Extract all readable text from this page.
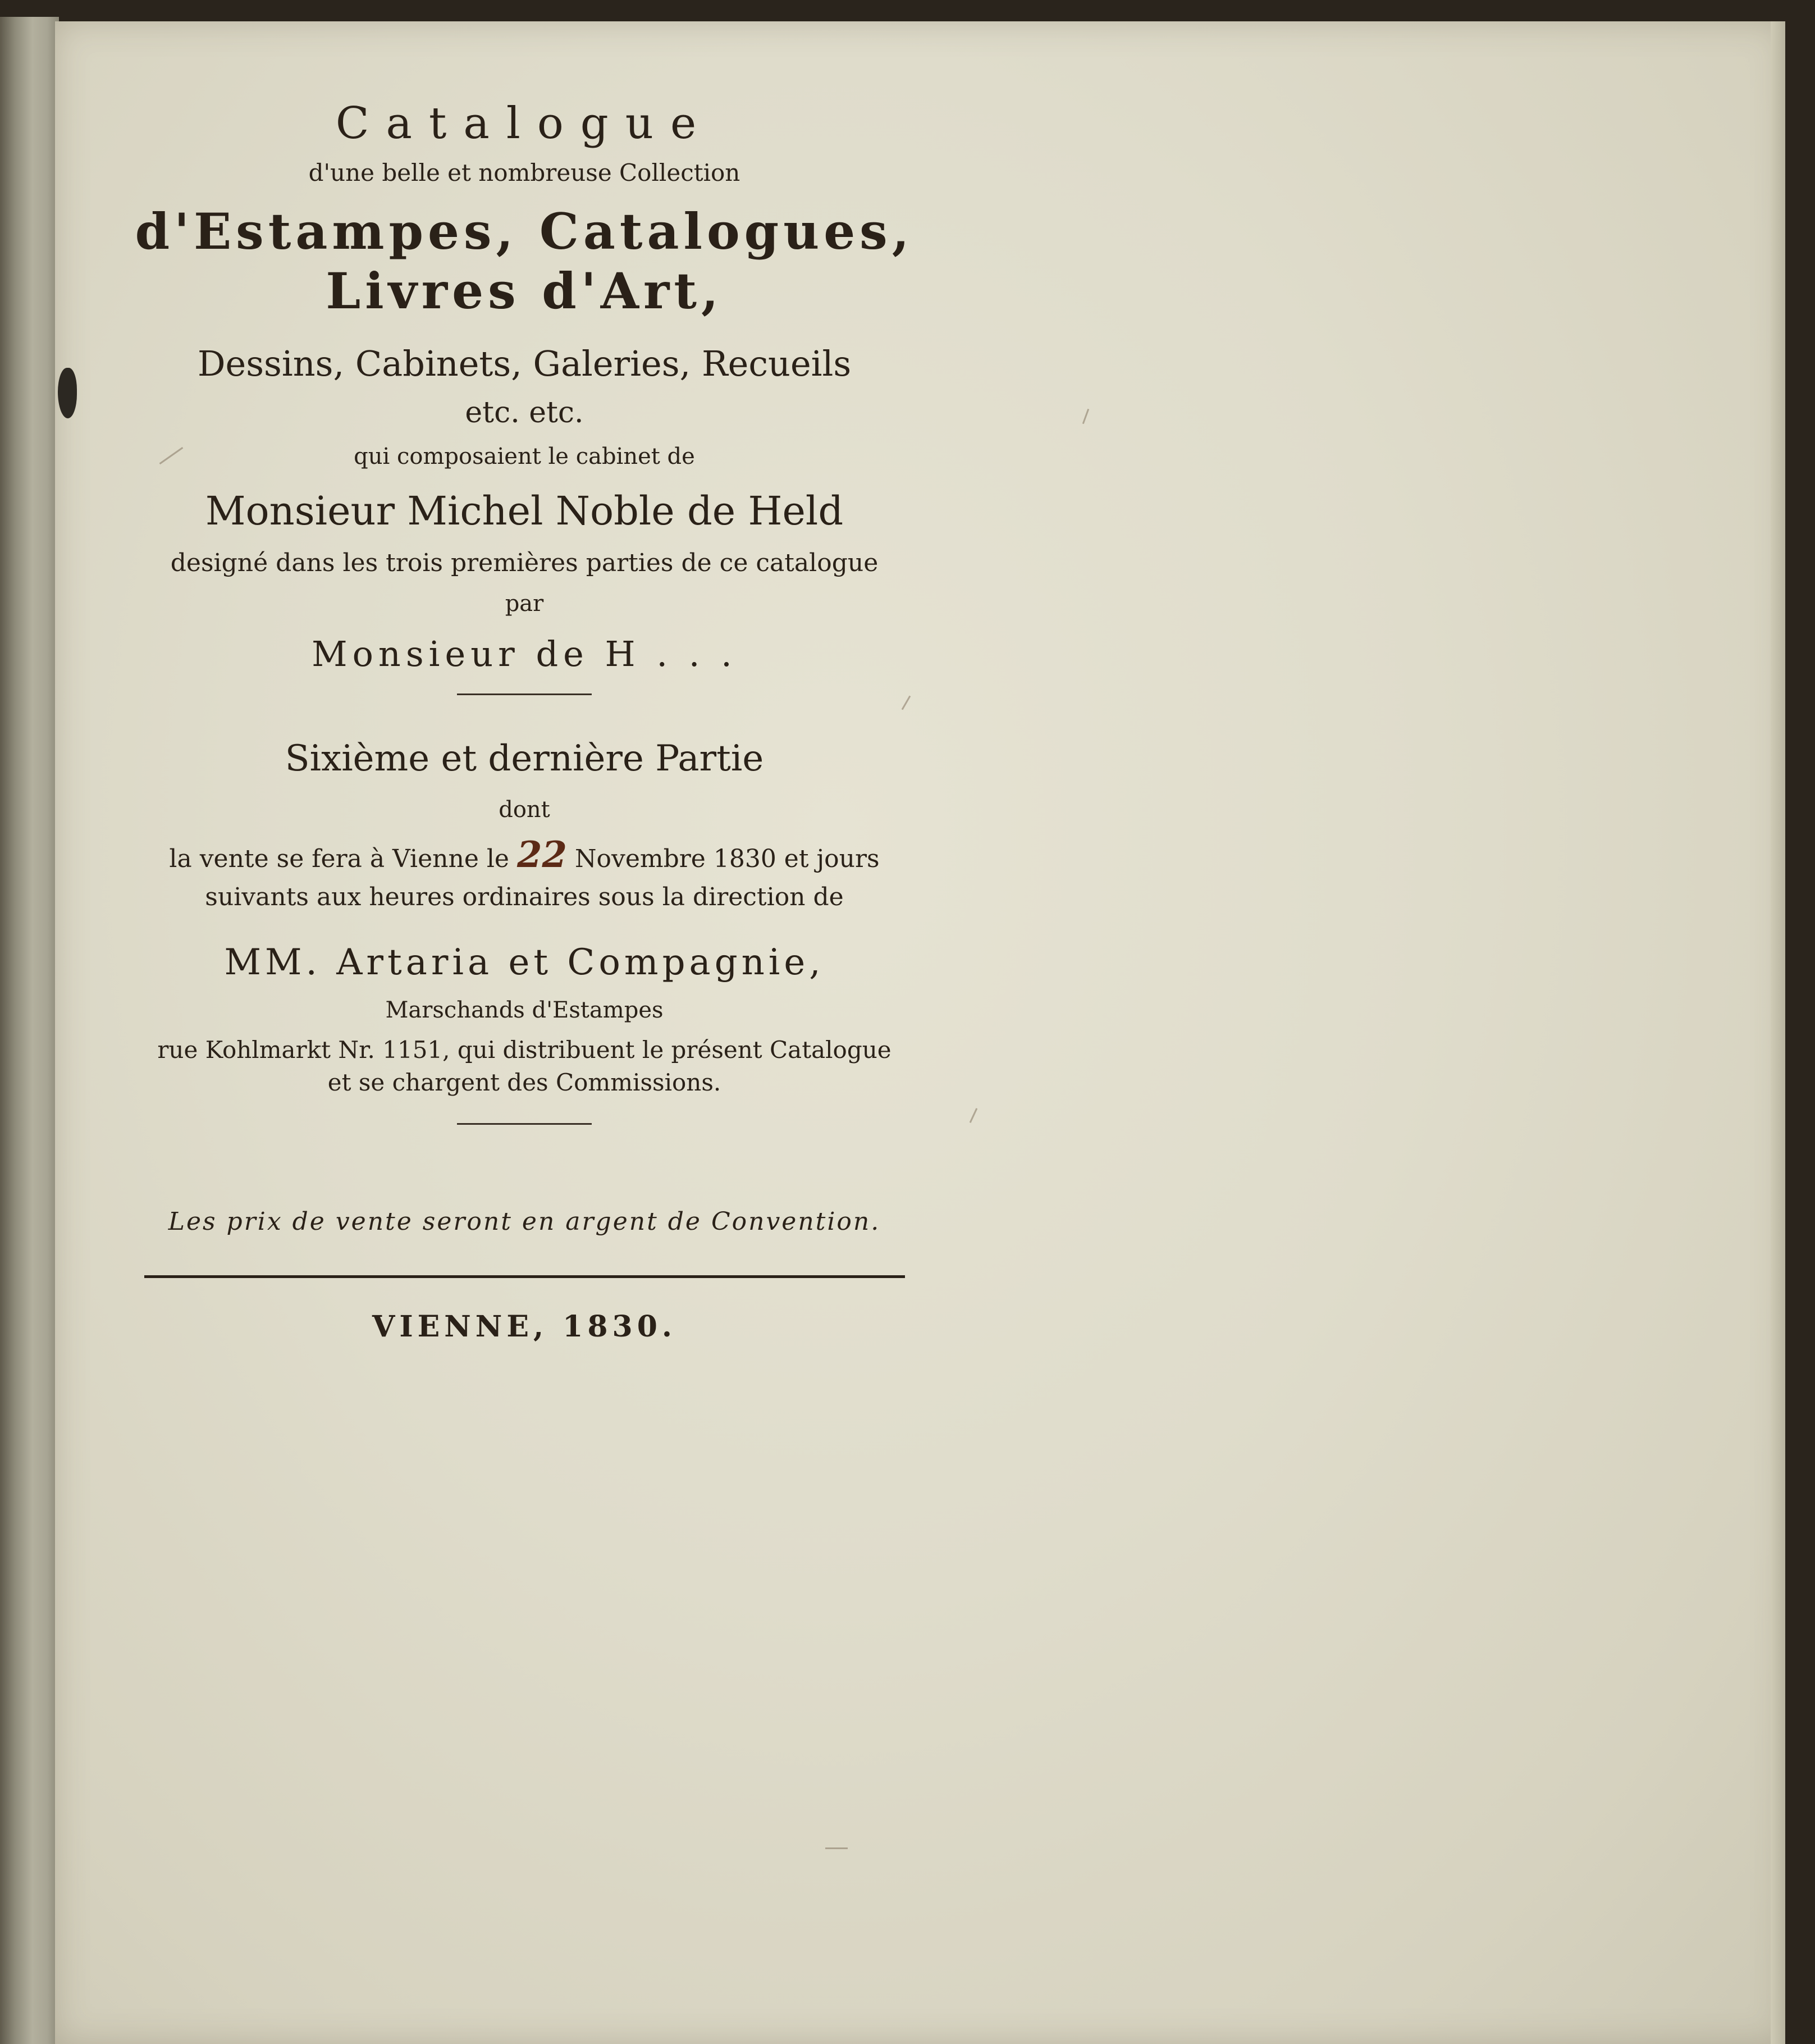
Catalogue
d'une belle et nombreuse Collection
d'Estampes, Catalogues,
Livres d'Art,
Dessins, Cabinets, Galeries, Recueils
etc. etc.
qui composaient le cabinet de
Monsieur Michel Noble de Held
designé dans les trois premières parties de ce catalogue
par
Monsieur de H . . .
Sixième et dernière Partie
dont
la vente se fera à Vienne le 22 Novembre 1830 et jours
suivants aux heures ordinaires sous la direction de
MM. Artaria et Compagnie,
Marschands d'Estampes
rue Kohlmarkt Nr. 1151, qui distribuent le présent Catalogue
et se chargent des Commissions.
Les prix de vente seront en argent de Convention.
VIENNE, 1830.
